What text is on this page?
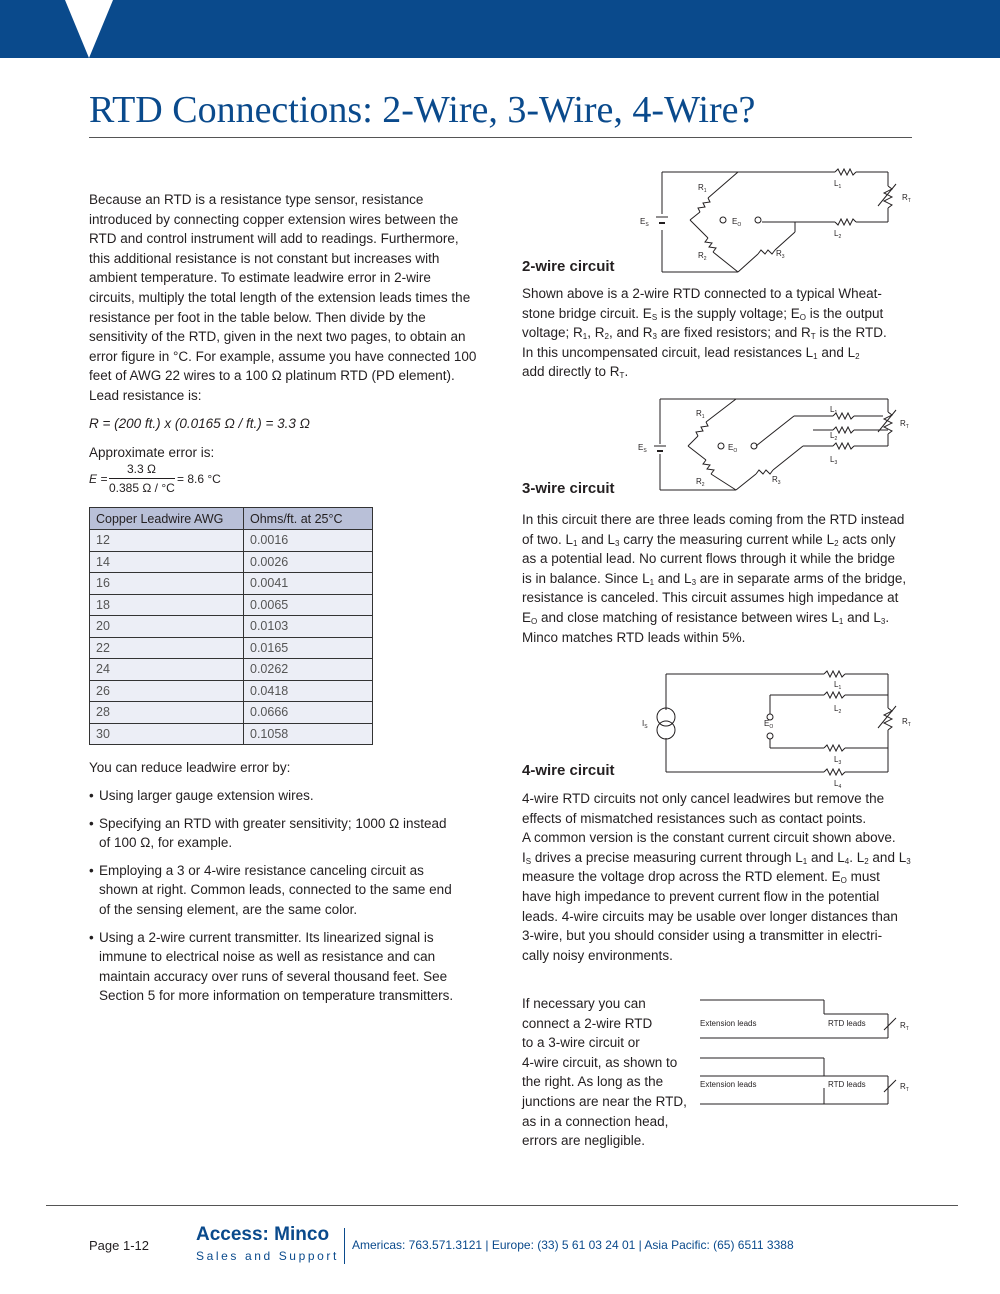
RTD Connections: 2-Wire, 3-Wire, 4-Wire?
Because an RTD is a resistance type sensor, resistance introduced by connecting copper extension wires between the RTD and control instrument will add to readings. Furthermore, this additional resistance is not constant but increases with ambient temperature. To estimate leadwire error in 2-wire circuits, multiply the total length of the extension leads times the resistance per foot in the table below. Then divide by the sensitivity of the RTD, given in the next two pages, to obtain an error figure in °C. For example, assume you have connected 100 feet of AWG 22 wires to a 100 Ω platinum RTD (PD element). Lead resistance is:
R = (200 ft.) x (0.0165 Ω / ft.) = 3.3 Ω
Approximate error is:
E =
3.3 Ω
0.385 Ω / °C
= 8.6 °C
Copper Leadwire AWG	Ohms/ft. at 25°C
12	0.0016
14	0.0026
16	0.0041
18	0.0065
20	0.0103
22	0.0165
24	0.0262
26	0.0418
28	0.0666
30	0.1058
You can reduce leadwire error by:
• Using larger gauge extension wires.
• Specifying an RTD with greater sensitivity; 1000 Ω instead of 100 Ω, for example.
• Employing a 3 or 4-wire resistance canceling circuit as shown at right. Common leads, connected to the same end of the sensing element, are the same color.
• Using a 2-wire current transmitter. Its linearized signal is immune to electrical noise as well as resistance and can maintain accuracy over runs of several thousand feet. See Section 5 for more information on temperature transmitters.
$R_1$
$R_2$
$R_3$
$E_S$	$E_O$
$L_1$
$L_2$
$R_T$
2-wire circuit
Shown above is a 2-wire RTD connected to a typical Wheat-
stone bridge circuit. $E_S$ is the supply voltage; $E_O$ is the output
voltage; $R_1$, $R_2$, and $R_3$ are fixed resistors; and $R_T$ is the RTD.
In this uncompensated circuit, lead resistances $L_1$ and $L_2$
add directly to $R_T$.
$R_1$
$R_2$
$R_3$
$E_S$	$E_O$
$L_1$
$L_2$
$L_3$
$R_T$
3-wire circuit
In this circuit there are three leads coming from the RTD instead
of two. $L_1$ and $L_3$ carry the measuring current while $L_2$ acts only
as a potential lead. No current flows through it while the bridge
is in balance. Since $L_1$ and $L_3$ are in separate arms of the bridge,
resistance is canceled. This circuit assumes high impedance at
$E_O$ and close matching of resistance between wires $L_1$ and $L_3$.
Minco matches RTD leads within 5%.
$I_S$	$E_O$
$L_1$
$L_2$
$L_3$
$L_4$
$R_T$
4-wire circuit
4-wire RTD circuits not only cancel leadwires but remove the
effects of mismatched resistances such as contact points.
A common version is the constant current circuit shown above.
$I_S$ drives a precise measuring current through $L_1$ and $L_4$. $L_2$ and $L_3$
measure the voltage drop across the RTD element. $E_O$ must
have high impedance to prevent current flow in the potential
leads. 4-wire circuits may be usable over longer distances than
3-wire, but you should consider using a transmitter in electri-
cally noisy environments.
If necessary you can
connect a 2-wire RTD
to a 3-wire circuit or
4-wire circuit, as shown to
the right. As long as the
junctions are near the RTD,
as in a connection head,
errors are negligible.
Extension leads	RTD leads	$R_T$
Extension leads	RTD leads	$R_T$
Page 1-12
Access: Minco
Sales and Support
Americas: 763.571.3121 | Europe: (33) 5 61 03 24 01 | Asia Pacific: (65) 6511 3388
